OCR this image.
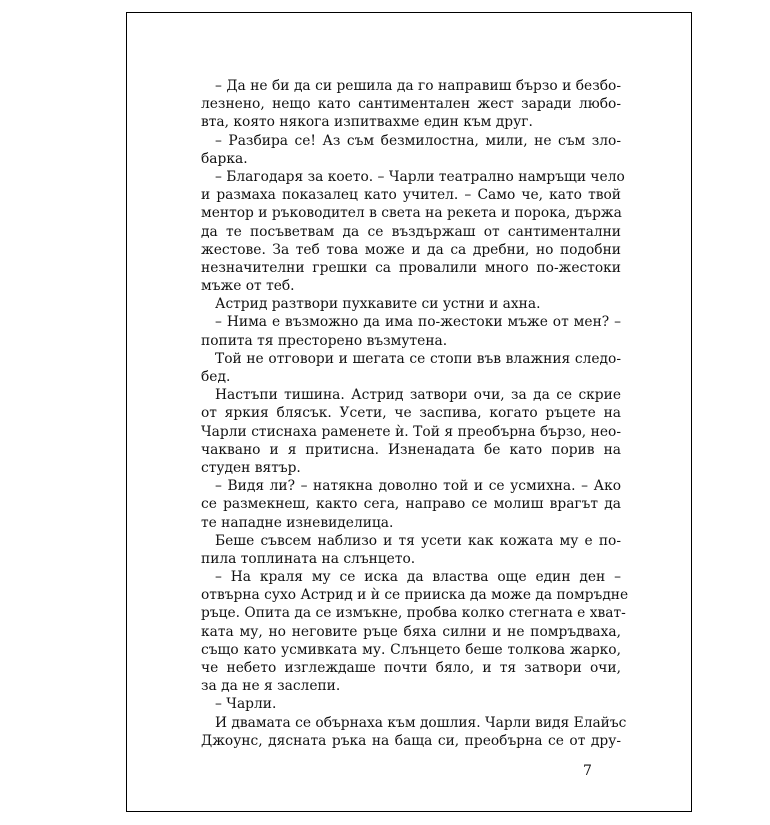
– Да не би да си решила да го направиш бързо и безбо-
лезнено, нещо като сантиментален жест заради любо-
вта, която някога изпитвахме един към друг.
– Разбира се! Аз съм безмилостна, мили, не съм зло-
барка.
– Благодаря за което. – Чарли театрално намръщи чело
и размаха показалец като учител. – Само че, като твой
ментор и ръководител в света на рекета и порока, държа
да те посъветвам да се въздържаш от сантиментални
жестове. За теб това може и да са дребни, но подобни
незначителни грешки са провалили много по-жестоки
мъже от теб.
Астрид разтвори пухкавите си устни и ахна.
– Нима е възможно да има по-жестоки мъже от мен? –
попита тя престорено възмутена.
Той не отговори и шегата се стопи във влажния следо-
бед.
Настъпи тишина. Астрид затвори очи, за да се скрие
от яркия блясък. Усети, че заспива, когато ръцете на
Чарли стиснаха раменете ѝ. Той я преобърна бързо, нео-
чаквано и я притисна. Изненадата бе като порив на
студен вятър.
– Видя ли? – натякна доволно той и се усмихна. – Ако
се размекнеш, както сега, направо се молиш врагът да
те нападне изневиделица.
Беше съвсем наблизо и тя усети как кожата му е по-
пила топлината на слънцето.
– На краля му се иска да властва още един ден –
отвърна сухо Астрид и ѝ се прииска да може да помръдне
ръце. Опита да се измъкне, пробва колко стегната е хват-
ката му, но неговите ръце бяха силни и не помръдваха,
също като усмивката му. Слънцето беше толкова жарко,
че небето изглеждаше почти бяло, и тя затвори очи,
за да не я заслепи.
– Чарли.
И двамата се обърнаха към дошлия. Чарли видя Елайъс
Джоунс, дясната ръка на баща си, преобърна се от дру-
7
